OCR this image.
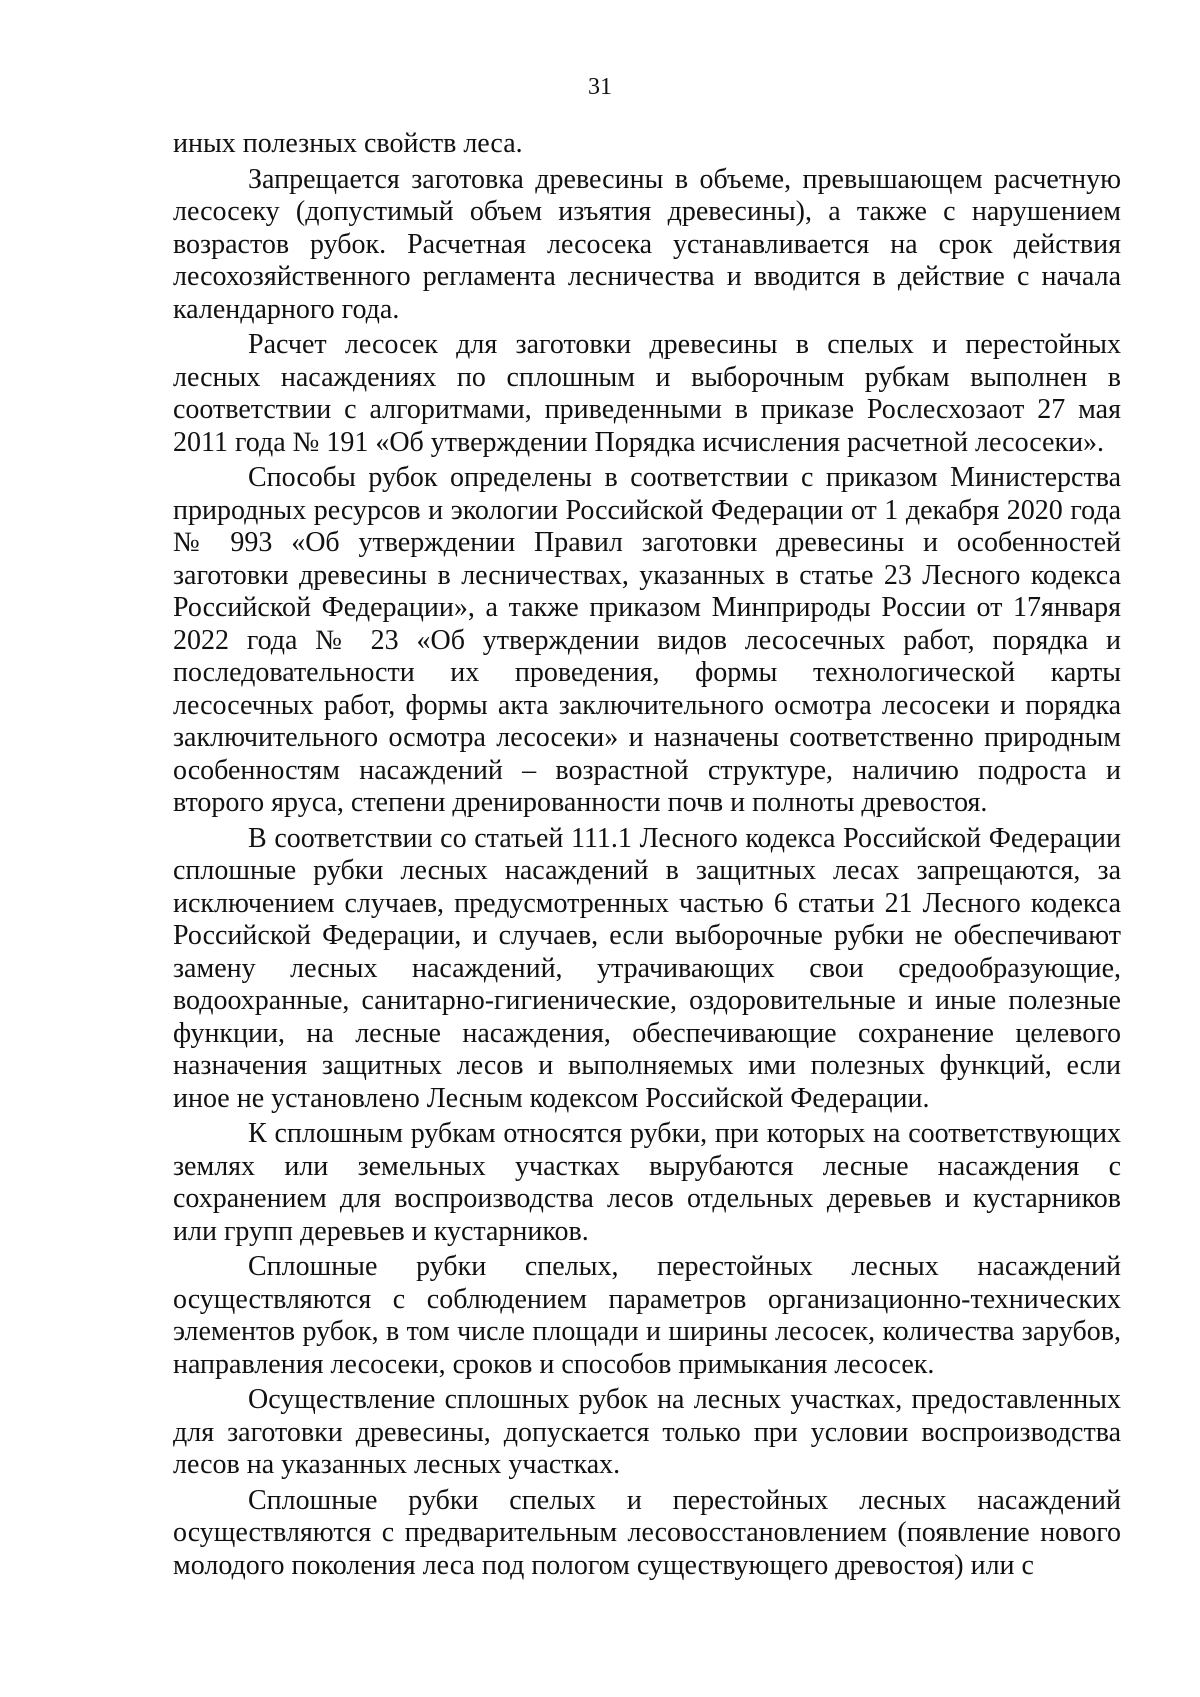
31

иных полезных свойств леса.

Запрещается заготовка древесины в объеме, превышающем расчетную лесосеку (допустимый объем изъятия древесины), а также с нарушением возрастов рубок. Расчетная лесосека устанавливается на срок действия лесохозяйственного регламента лесничества и вводится в действие с начала календарного года.

Расчет лесосек для заготовки древесины в спелых и перестойных лесных насаждениях по сплошным и выборочным рубкам выполнен в соответствии с алгоритмами, приведенными в приказе Рослесхозаот 27 мая 2011 года № 191 «Об утверждении Порядка исчисления расчетной лесосеки».

Способы рубок определены в соответствии с приказом Министерства природных ресурсов и экологии Российской Федерации от 1 декабря 2020 года № 993 «Об утверждении Правил заготовки древесины и особенностей заготовки древесины в лесничествах, указанных в статье 23 Лесного кодекса Российской Федерации», а также приказом Минприроды России от 17января 2022 года № 23 «Об утверждении видов лесосечных работ, порядка и последовательности их проведения, формы технологической карты лесосечных работ, формы акта заключительного осмотра лесосеки и порядка заключительного осмотра лесосеки» и назначены соответственно природным особенностям насаждений – возрастной структуре, наличию подроста и второго яруса, степени дренированности почв и полноты древостоя.

В соответствии со статьей 111.1 Лесного кодекса Российской Федерации сплошные рубки лесных насаждений в защитных лесах запрещаются, за исключением случаев, предусмотренных частью 6 статьи 21 Лесного кодекса Российской Федерации, и случаев, если выборочные рубки не обеспечивают замену лесных насаждений, утрачивающих свои средообразующие, водоохранные, санитарно-гигиенические, оздоровительные и иные полезные функции, на лесные насаждения, обеспечивающие сохранение целевого назначения защитных лесов и выполняемых ими полезных функций, если иное не установлено Лесным кодексом Российской Федерации.

К сплошным рубкам относятся рубки, при которых на соответствующих землях или земельных участках вырубаются лесные насаждения с сохранением для воспроизводства лесов отдельных деревьев и кустарников или групп деревьев и кустарников.

Сплошные рубки спелых, перестойных лесных насаждений осуществляются с соблюдением параметров организационно-технических элементов рубок, в том числе площади и ширины лесосек, количества зарубов, направления лесосеки, сроков и способов примыкания лесосек.

Осуществление сплошных рубок на лесных участках, предоставленных для заготовки древесины, допускается только при условии воспроизводства лесов на указанных лесных участках.

Сплошные рубки спелых и перестойных лесных насаждений осуществляются с предварительным лесовосстановлением (появление нового молодого поколения леса под пологом существующего древостоя) или с
